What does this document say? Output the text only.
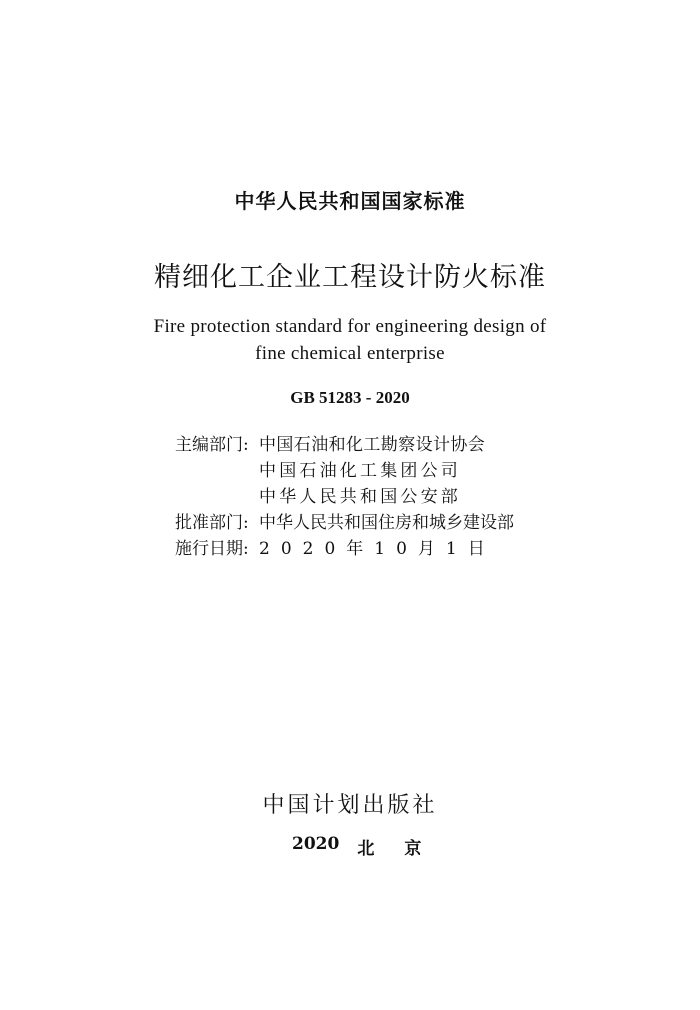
中华人民共和国国家标准
精细化工企业工程设计防火标准
Fire protection standard for engineering design of
fine chemical enterprise
GB 51283 - 2020
主编部门: 中国石油和化工勘察设计协会
中国石油化工集团公司
中华人民共和国公安部
批准部门: 中华人民共和国住房和城乡建设部
施行日期: 2020年10月1日
中国计划出版社
2020 北京
